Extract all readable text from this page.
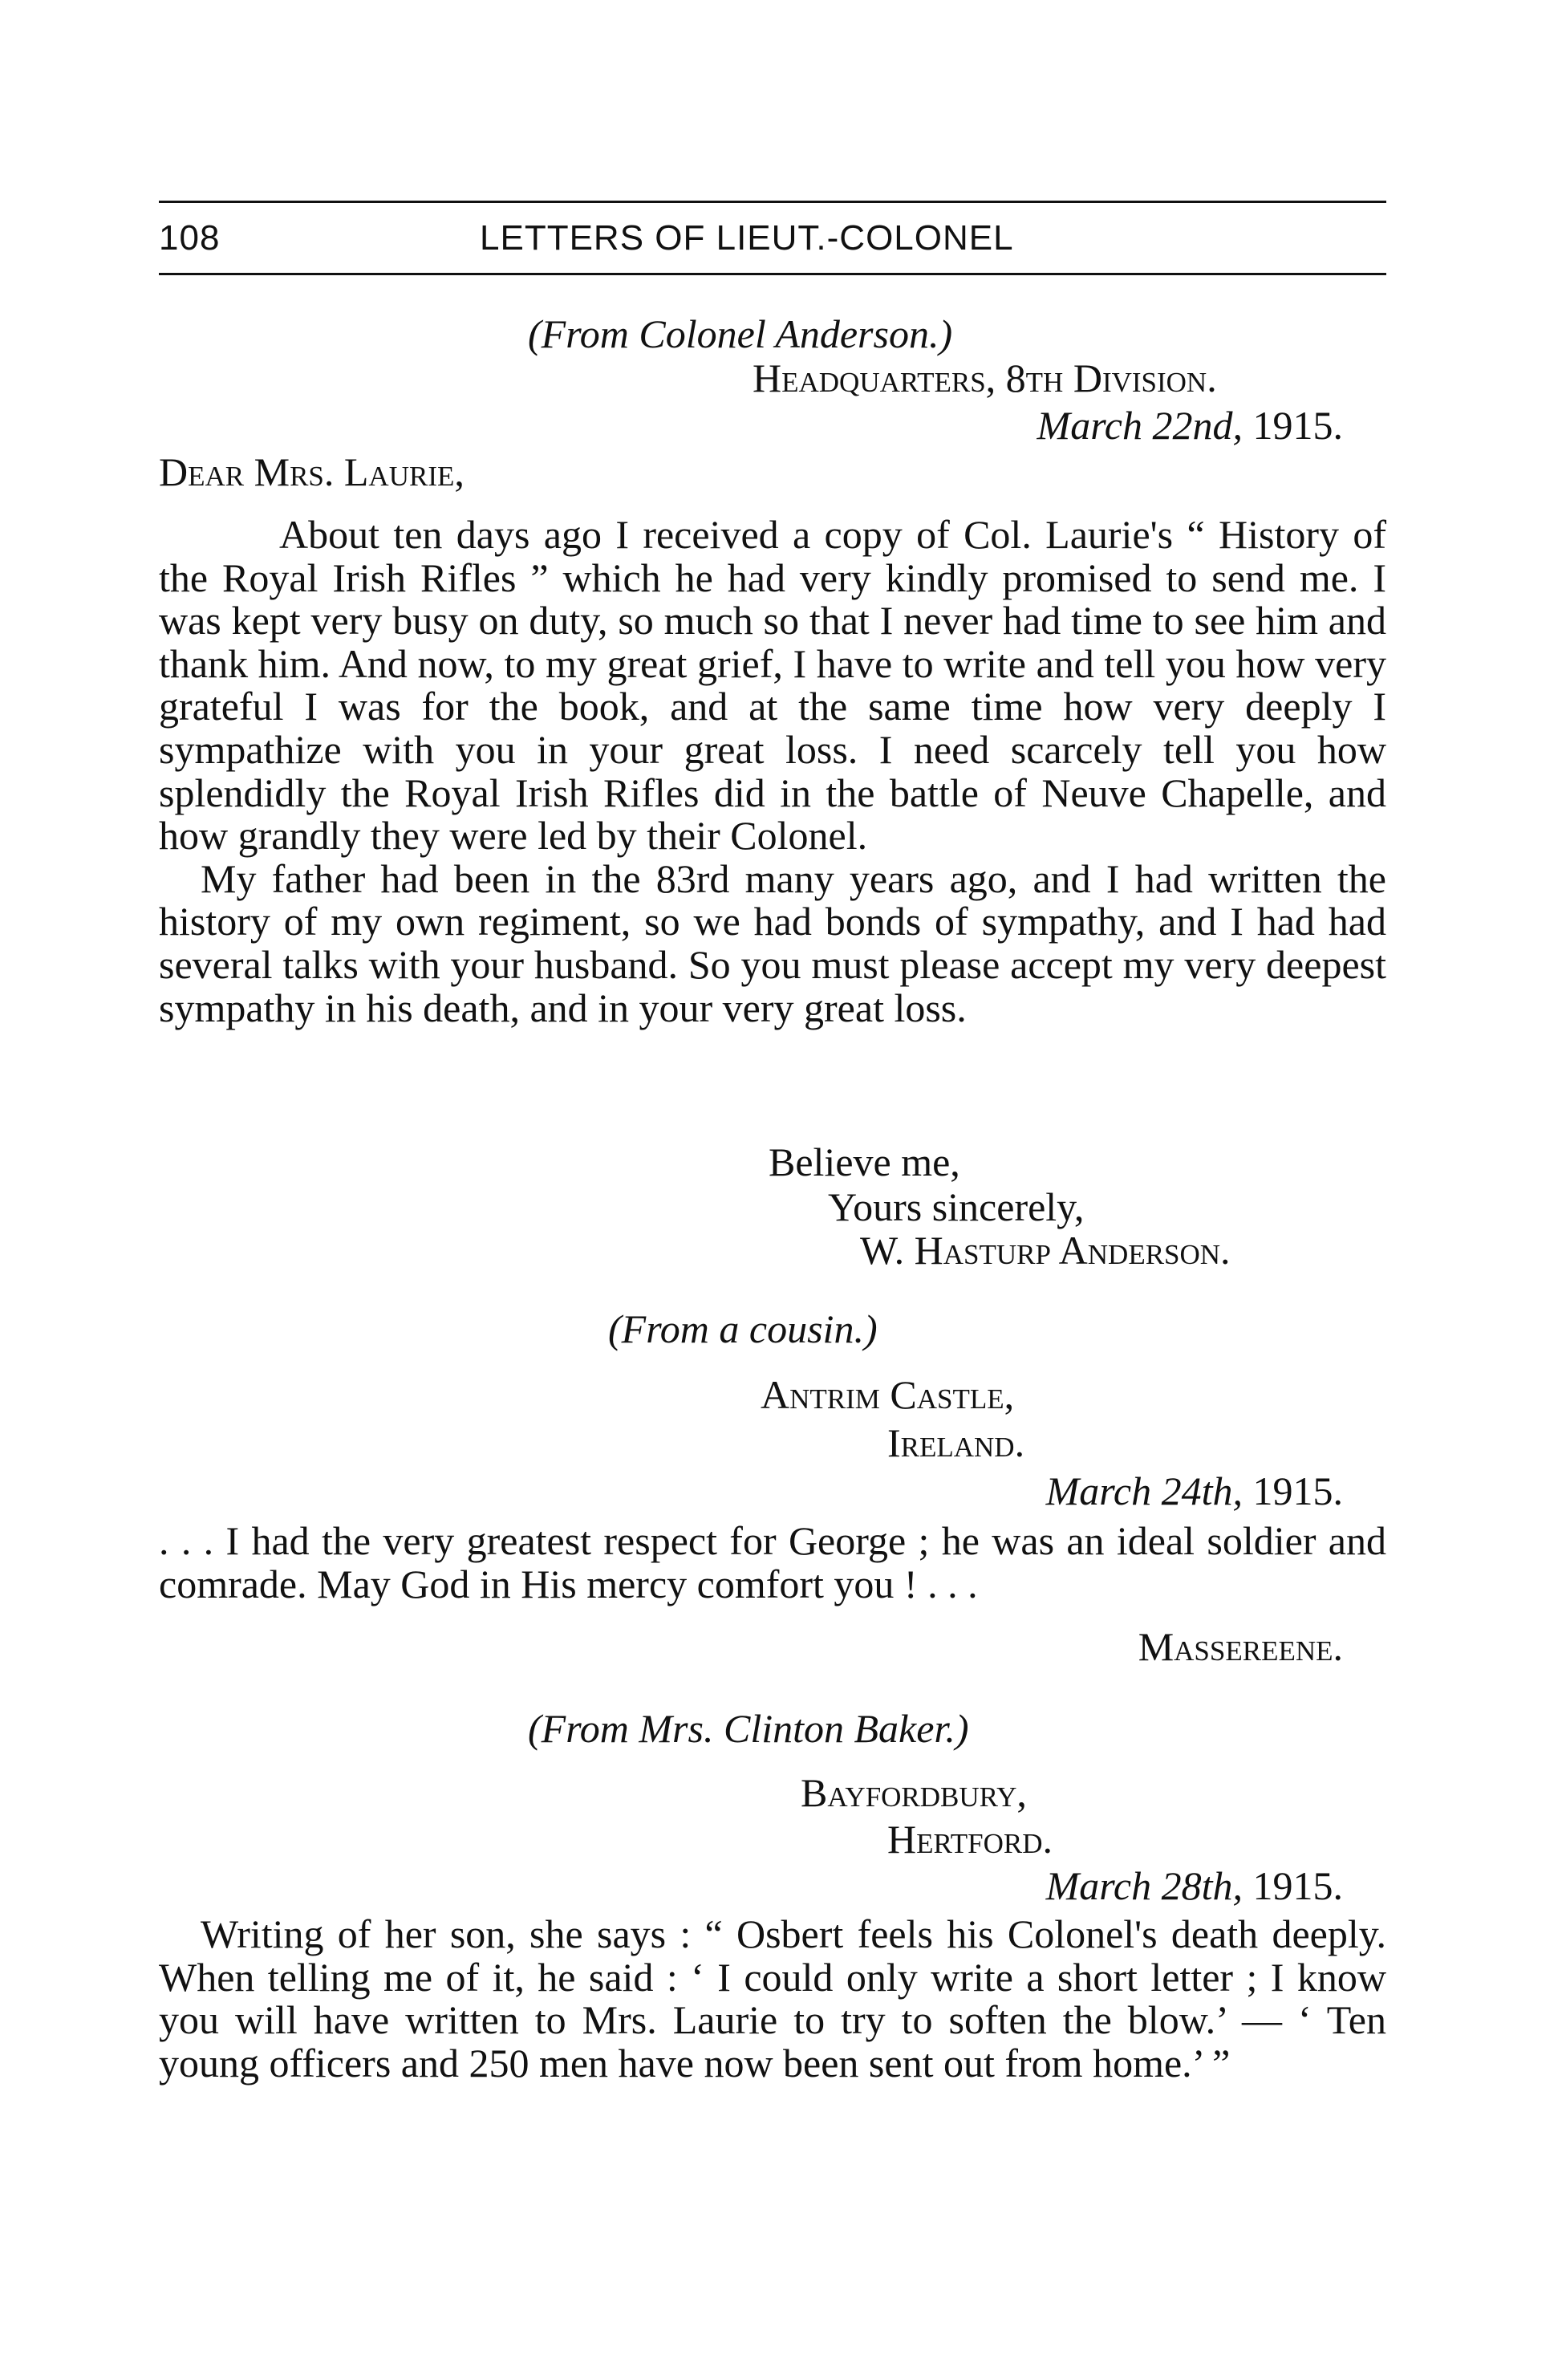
108	LETTERS OF LIEUT.-COLONEL
(From Colonel Anderson.)
Headquarters, 8th Division.
March 22nd, 1915.
Dear Mrs. Laurie,

About ten days ago I received a copy of Col. Laurie's “ History of the Royal Irish Rifles ” which he had very kindly promised to send me. I was kept very busy on duty, so much so that I never had time to see him and thank him. And now, to my great grief, I have to write and tell you how very grateful I was for the book, and at the same time how very deeply I sympathize with you in your great loss. I need scarcely tell you how splendidly the Royal Irish Rifles did in the battle of Neuve Chapelle, and how grandly they were led by their Colonel.

My father had been in the 83rd many years ago, and I had written the history of my own regiment, so we had bonds of sympathy, and I had had several talks with your husband. So you must please accept my very deepest sympathy in his death, and in your very great loss.

Believe me,
Yours sincerely,
W. Hasturp Anderson.
(From a cousin.)
Antrim Castle,
Ireland.
March 24th, 1915.

. . . I had the very greatest respect for George ; he was an ideal soldier and comrade. May God in His mercy comfort you ! . . .

Massereene.
(From Mrs. Clinton Baker.)
Bayfordbury,
Hertford.
March 28th, 1915.

Writing of her son, she says : “ Osbert feels his Colonel's death deeply. When telling me of it, he said : ‘ I could only write a short letter ; I know you will have written to Mrs. Laurie to try to soften the blow.’ — ‘ Ten young officers and 250 men have now been sent out from home.’ ”
